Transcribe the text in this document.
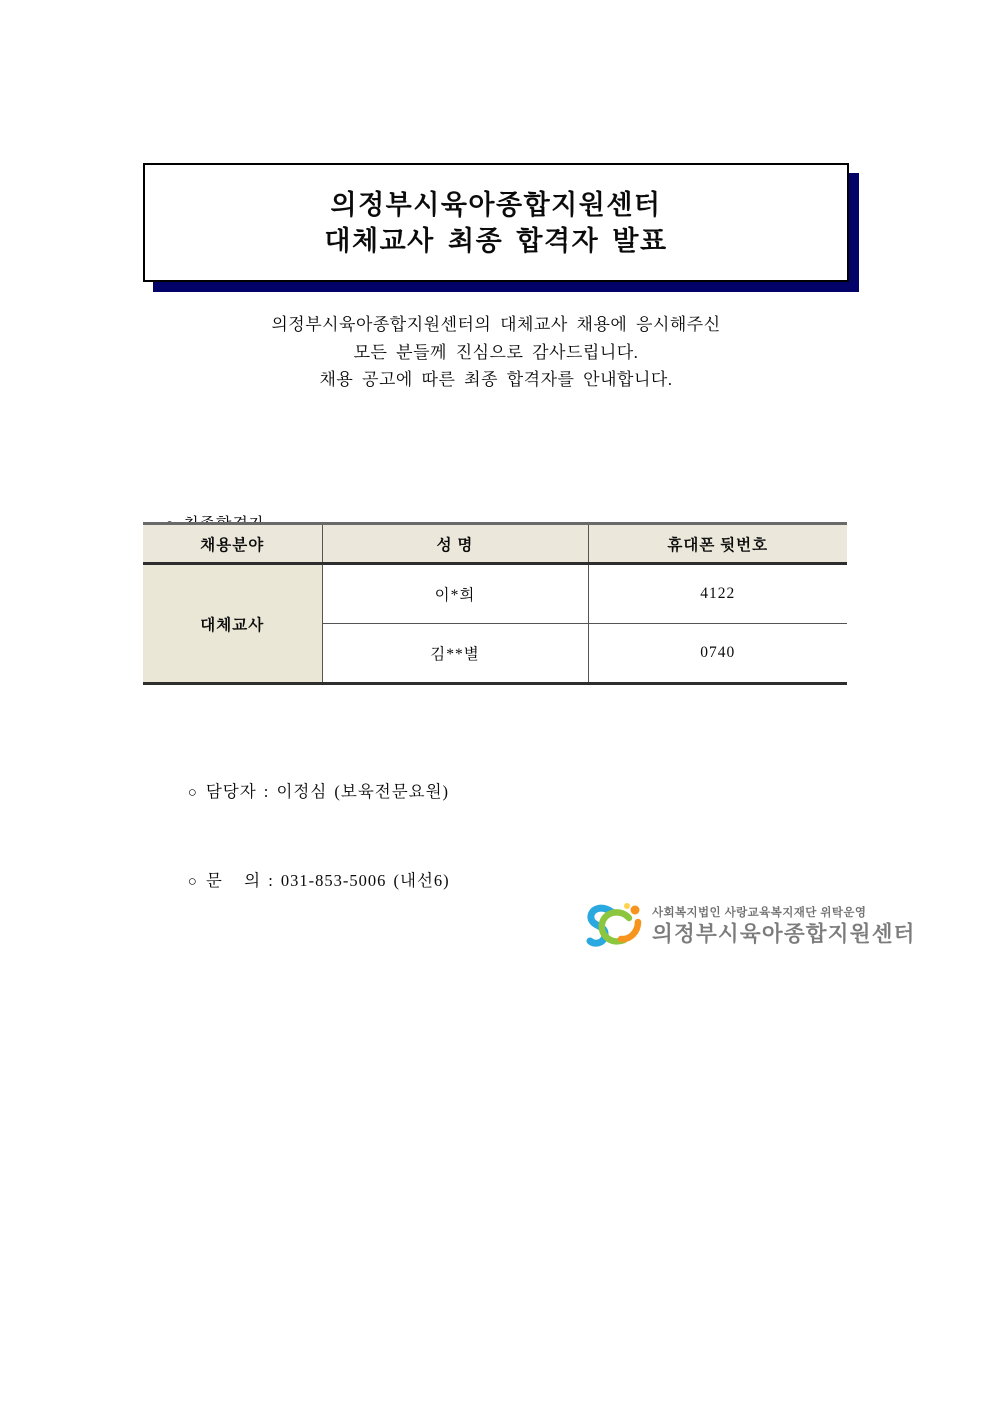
의정부시육아종합지원센터
대체교사 최종 합격자 발표
의정부시육아종합지원센터의 대체교사 채용에 응시해주신
모든 분들께 진심으로 감사드립니다.
채용 공고에 따른 최종 합격자를 안내합니다.

채용분야	성 명	휴대폰 뒷번호
대체교사	이*희	4122
	김**별	0740

○ 담당자 : 이정심 (보육전문요원)

○ 문   의 : 031-853-5006 (내선6)

사회복지법인 사랑교육복지재단 위탁운영
의정부시육아종합지원센터
